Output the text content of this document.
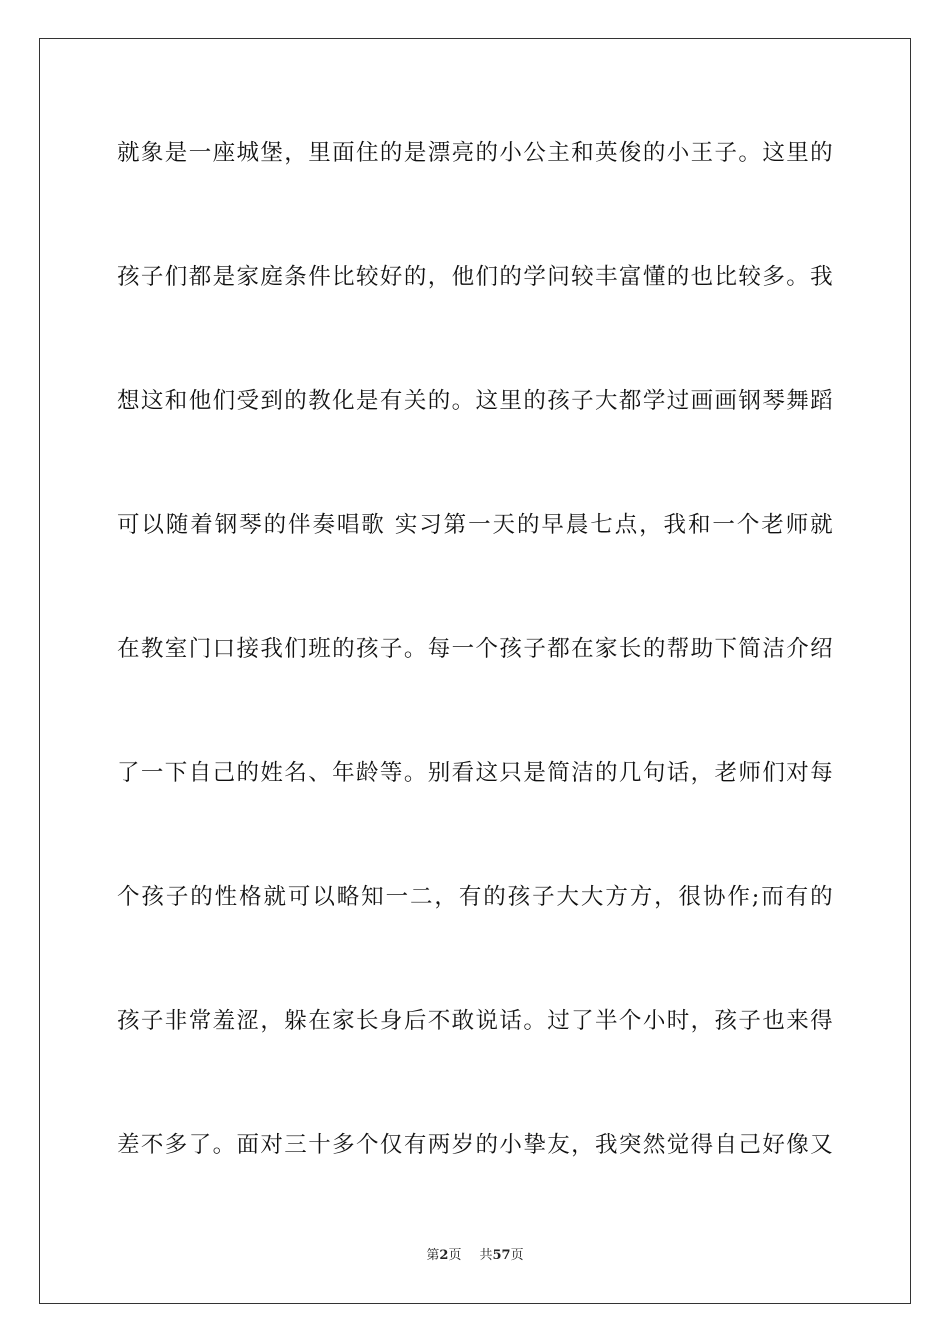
就象是一座城堡，里面住的是漂亮的小公主和英俊的小王子。这里的

孩子们都是家庭条件比较好的，他们的学问较丰富懂的也比较多。我

想这和他们受到的教化是有关的。这里的孩子大都学过画画钢琴舞蹈

可以随着钢琴的伴奏唱歌 实习第一天的早晨七点，我和一个老师就

在教室门口接我们班的孩子。每一个孩子都在家长的帮助下简洁介绍

了一下自己的姓名、年龄等。别看这只是简洁的几句话，老师们对每

个孩子的性格就可以略知一二，有的孩子大大方方，很协作;而有的

孩子非常羞涩，躲在家长身后不敢说话。过了半个小时，孩子也来得

差不多了。面对三十多个仅有两岁的小挚友，我突然觉得自己好像又

第2页 共57页
